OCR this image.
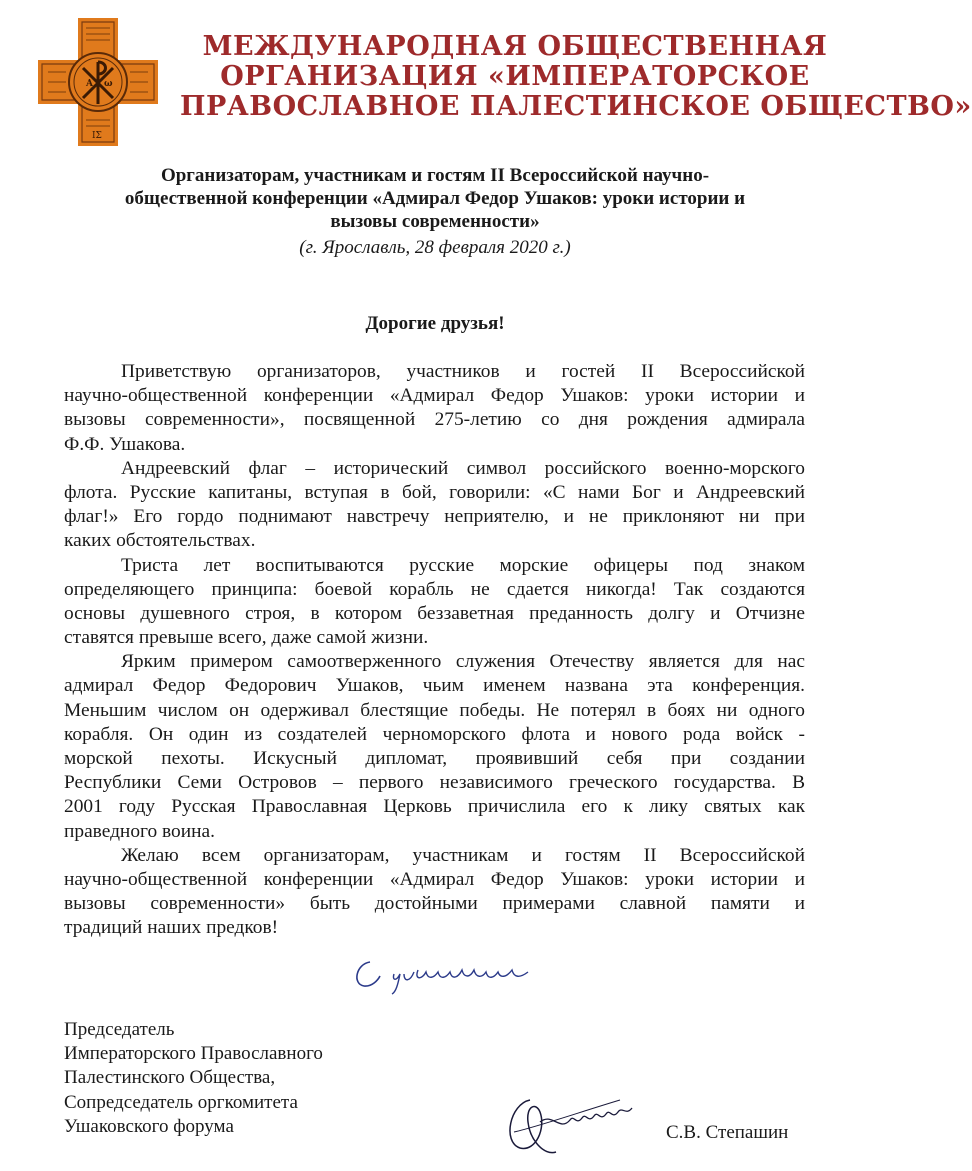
A ω
ΙΣ
МЕЖДУНАРОДНАЯ ОБЩЕСТВЕННАЯ
ОРГАНИЗАЦИЯ «ИМПЕРАТОРСКОЕ
ПРАВОСЛАВНОЕ ПАЛЕСТИНСКОЕ ОБЩЕСТВО»
Организаторам, участникам и гостям II Всероссийской научно-
общественной конференции «Адмирал Федор Ушаков: уроки истории и
вызовы современности»
(г. Ярославль, 28 февраля 2020 г.)
Дорогие друзья!
Приветствую организаторов, участников и гостей II Всероссийской
научно-общественной конференции «Адмирал Федор Ушаков: уроки истории и
вызовы современности», посвященной 275-летию со дня рождения адмирала
Ф.Ф. Ушакова.
Андреевский флаг – исторический символ российского военно-морского
флота. Русские капитаны, вступая в бой, говорили: «С нами Бог и Андреевский
флаг!» Его гордо поднимают навстречу неприятелю, и не приклоняют ни при
каких обстоятельствах.
Триста лет воспитываются русские морские офицеры под знаком
определяющего принципа: боевой корабль не сдается никогда! Так создаются
основы душевного строя, в котором беззаветная преданность долгу и Отчизне
ставятся превыше всего, даже самой жизни.
Ярким примером самоотверженного служения Отечеству является для нас
адмирал Федор Федорович Ушаков, чьим именем названа эта конференция.
Меньшим числом он одерживал блестящие победы. Не потерял в боях ни одного
корабля. Он один из создателей черноморского флота и нового рода войск -
морской пехоты. Искусный дипломат, проявивший себя при создании
Республики Семи Островов – первого независимого греческого государства. В
2001 году Русская Православная Церковь причислила его к лику святых как
праведного воина.
Желаю всем организаторам, участникам и гостям II Всероссийской
научно-общественной конференции «Адмирал Федор Ушаков: уроки истории и
вызовы современности» быть достойными примерами славной памяти и
традиций наших предков!
Председатель
Императорского Православного
Палестинского Общества,
Сопредседатель оргкомитета
Ушаковского форума	С.В. Степашин
